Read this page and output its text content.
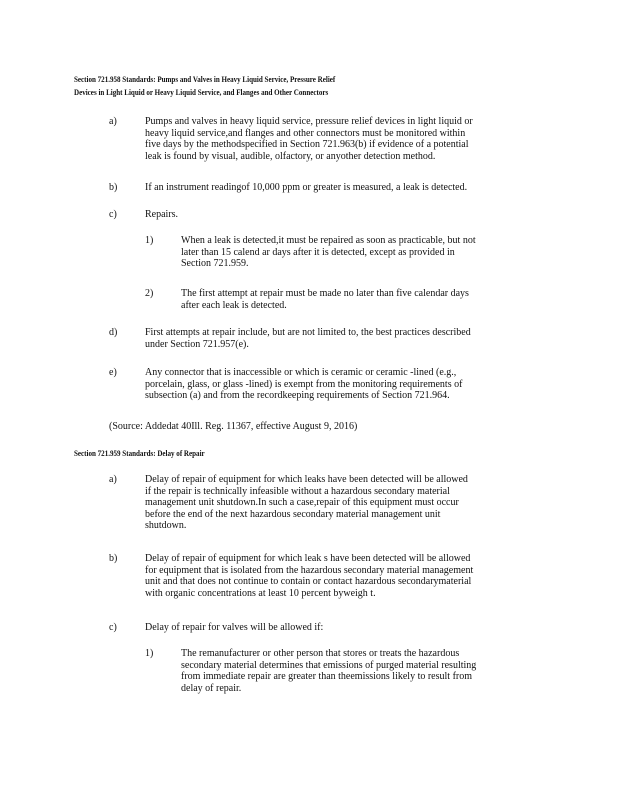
Section 721.958 Standards: Pumps and Valves in Heavy Liquid Service, Pressure Relief
Devices in Light Liquid or Heavy Liquid Service, and Flanges and Other Connectors
a)	Pumps and valves in heavy liquid service, pressure relief devices in light liquid or
heavy liquid service,and flanges and other connectors must be monitored within
five days by the methodspecified in Section 721.963(b) if evidence of a potential
leak is found by visual, audible, olfactory, or anyother detection method.
b)	If an instrument readingof 10,000 ppm or greater is measured, a leak is detected.
c)	Repairs.
1)	When a leak is detected,it must be repaired as soon as practicable, but not
later than 15 calend ar days after it is detected, except as provided in
Section 721.959.
2)	The first attempt at repair must be made no later than five calendar days
after each leak is detected.
d)	First attempts at repair include, but are not limited to, the best practices described
under Section 721.957(e).
e)	Any connector that is inaccessible or which is ceramic or ceramic -lined (e.g.,
porcelain, glass, or glass -lined) is exempt from the monitoring requirements of
subsection (a) and from the recordkeeping requirements of Section 721.964.
(Source: Addedat 40Ill. Reg. 11367, effective August 9, 2016)
Section 721.959 Standards: Delay of Repair
a)	Delay of repair of equipment for which leaks have been detected will be allowed
if the repair is technically infeasible without a hazardous secondary material
management unit shutdown.In such a case,repair of this equipment must occur
before the end of the next hazardous secondary material management unit
shutdown.
b)	Delay of repair of equipment for which leak s have been detected will be allowed
for equipment that is isolated from the hazardous secondary material management
unit and that does not continue to contain or contact hazardous secondarymaterial
with organic concentrations at least 10 percent byweigh t.
c)	Delay of repair for valves will be allowed if:
1)	The remanufacturer or other person that stores or treats the hazardous
secondary material determines that emissions of purged material resulting
from immediate repair are greater than theemissions likely to result from
delay of repair.
